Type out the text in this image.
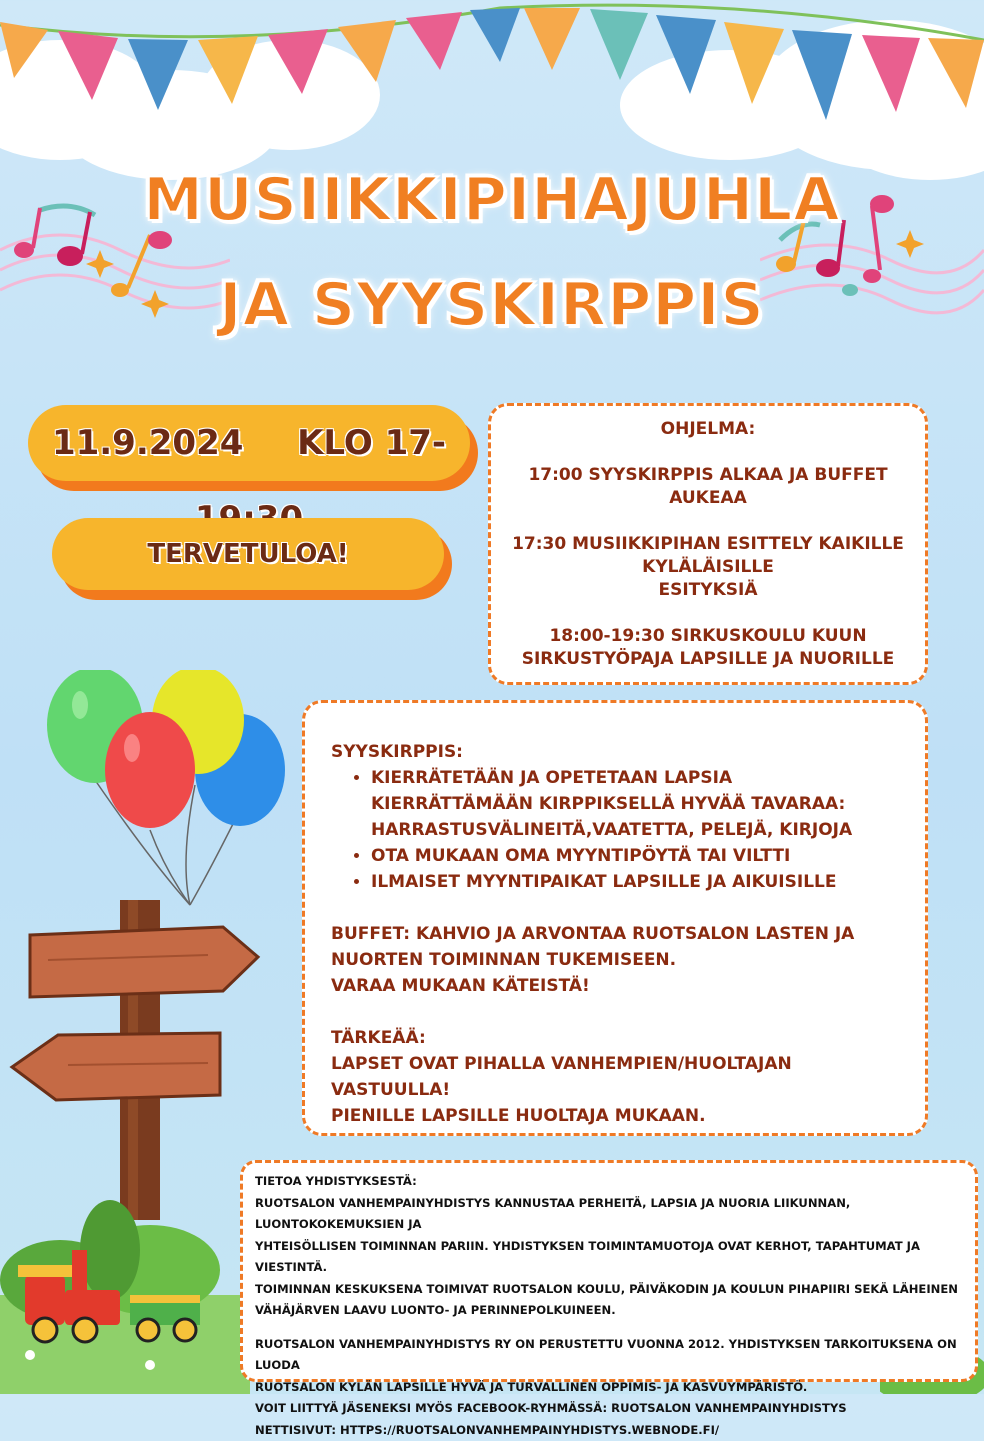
MUSIIKKIPIHAJUHLA
JA SYYSKIRPPIS
11.9.2024 KLO 17-
TERVETULOA!

OHJELMA:

17:00 SYYSKIRPPIS ALKAA JA BUFFET
AUKEAA

17:30 MUSIIKKIPIHAN ESITTELY KAIKILLE
KYLÄLÄISILLE
ESITYKSIÄ

18:00-19:30 SIRKUSKOULU KUUN
SIRKUSTYÖPAJA LAPSILLE JA NUORILLE

SYYSKIRPPIS:

• KIERRÄTETÄÄN JA OPETETAAN LAPSIA KIERRÄTTÄMÄÄN KIRPPIKSELLÄ HYVÄÄ TAVARAA: HARRASTUSVÄLINEITÄ,VAATETTA, PELEJÄ, KIRJOJA
• OTA MUKAAN OMA MYYNTIPÖYTÄ TAI VILTTI
• ILMAISET MYYNTIPAIKAT LAPSILLE JA AIKUISILLE

BUFFET: KAHVIO JA ARVONTAA RUOTSALON LASTEN JA

NUORTEN TOIMINNAN TUKEMISEEN.

VARAA MUKAAN KÄTEISTÄ!

TÄRKEÄÄ:

LAPSET OVAT PIHALLA VANHEMPIEN/HUOLTAJAN VASTUULLA!

PIENILLE LAPSILLE HUOLTAJA MUKAAN.

TIETOA YHDISTYKSESTÄ:

RUOTSALON VANHEMPAINYHDISTYS KANNUSTAA PERHEITÄ, LAPSIA JA NUORIA LIIKUNNAN, LUONTOKOKEMUKSIEN JA

YHTEISÖLLISEN TOIMINNAN PARIIN. YHDISTYKSEN TOIMINTAMUOTOJA OVAT KERHOT, TAPAHTUMAT JA VIESTINTÄ.

TOIMINNAN KESKUKSENA TOIMIVAT RUOTSALON KOULU, PÄIVÄKODIN JA KOULUN PIHAPIIRI SEKÄ LÄHEINEN

VÄHÄJÄRVEN LAAVU LUONTO- JA PERINNEPOLKUINEEN.

RUOTSALON VANHEMPAINYHDISTYS RY ON PERUSTETTU VUONNA 2012. YHDISTYKSEN TARKOITUKSENA ON LUODA

RUOTSALON KYLÄN LAPSILLE HYVÄ JA TURVALLINEN OPPIMIS- JA KASVUYMPÄRISTÖ.

VOIT LIITTYÄ JÄSENEKSI MYÖS FACEBOOK-RYHMÄSSÄ: RUOTSALON VANHEMPAINYHDISTYS

NETTISIVUT: HTTPS://RUOTSALONVANHEMPAINYHDISTYS.WEBNODE.FI/
